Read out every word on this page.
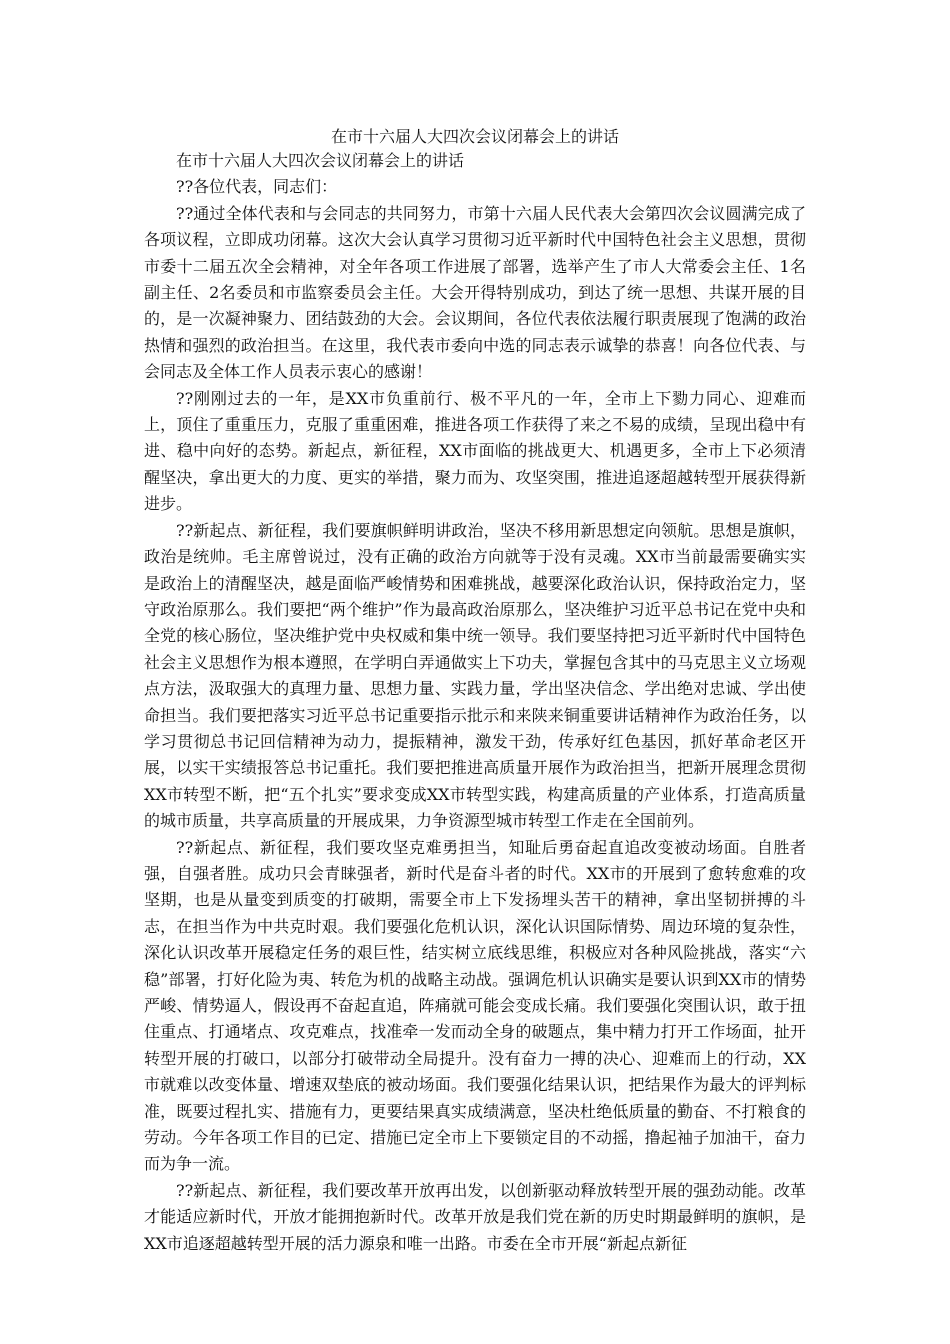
在市十六届人大四次会议闭幕会上的讲话

在市十六届人大四次会议闭幕会上的讲话

??各位代表，同志们：

??通过全体代表和与会同志的共同努力，市第十六届人民代表大会第四次会议圆满完成了各项议程，立即成功闭幕。这次大会认真学习贯彻习近平新时代中国特色社会主义思想，贯彻市委十二届五次全会精神，对全年各项工作进展了部署，选举产生了市人大常委会主任、1名副主任、2名委员和市监察委员会主任。大会开得特别成功，到达了统一思想、共谋开展的目的，是一次凝神聚力、团结鼓劲的大会。会议期间，各位代表依法履行职责展现了饱满的政治热情和强烈的政治担当。在这里，我代表市委向中选的同志表示诚挚的恭喜！向各位代表、与会同志及全体工作人员表示衷心的感谢！

??刚刚过去的一年，是XX市负重前行、极不平凡的一年，全市上下勠力同心、迎难而上，顶住了重重压力，克服了重重困难，推进各项工作获得了来之不易的成绩，呈现出稳中有进、稳中向好的态势。新起点，新征程，XX市面临的挑战更大、机遇更多，全市上下必须清醒坚决，拿出更大的力度、更实的举措，聚力而为、攻坚突围，推进追逐超越转型开展获得新进步。

??新起点、新征程，我们要旗帜鲜明讲政治，坚决不移用新思想定向领航。思想是旗帜，政治是统帅。毛主席曾说过，没有正确的政治方向就等于没有灵魂。XX市当前最需要确实实是政治上的清醒坚决，越是面临严峻情势和困难挑战，越要深化政治认识，保持政治定力，坚守政治原那么。我们要把“两个维护”作为最高政治原那么，坚决维护习近平总书记在党中央和全党的核心肠位，坚决维护党中央权威和集中统一领导。我们要坚持把习近平新时代中国特色社会主义思想作为根本遵照，在学明白弄通做实上下功夫，掌握包含其中的马克思主义立场观点方法，汲取强大的真理力量、思想力量、实践力量，学出坚决信念、学出绝对忠诚、学出使命担当。我们要把落实习近平总书记重要指示批示和来陕来铜重要讲话精神作为政治任务，以学习贯彻总书记回信精神为动力，提振精神，激发干劲，传承好红色基因，抓好革命老区开展，以实干实绩报答总书记重托。我们要把推进高质量开展作为政治担当，把新开展理念贯彻XX市转型不断，把“五个扎实”要求变成XX市转型实践，构建高质量的产业体系，打造高质量的城市质量，共享高质量的开展成果，力争资源型城市转型工作走在全国前列。

??新起点、新征程，我们要攻坚克难勇担当，知耻后勇奋起直追改变被动场面。自胜者强，自强者胜。成功只会青睐强者，新时代是奋斗者的时代。XX市的开展到了愈转愈难的攻坚期，也是从量变到质变的打破期，需要全市上下发扬埋头苦干的精神，拿出坚韧拼搏的斗志，在担当作为中共克时艰。我们要强化危机认识，深化认识国际情势、周边环境的复杂性，深化认识改革开展稳定任务的艰巨性，结实树立底线思维，积极应对各种风险挑战，落实“六稳”部署，打好化险为夷、转危为机的战略主动战。强调危机认识确实是要认识到XX市的情势严峻、情势逼人，假设再不奋起直追，阵痛就可能会变成长痛。我们要强化突围认识，敢于扭住重点、打通堵点、攻克难点，找准牵一发而动全身的破题点，集中精力打开工作场面，扯开转型开展的打破口，以部分打破带动全局提升。没有奋力一搏的决心、迎难而上的行动，XX市就难以改变体量、增速双垫底的被动场面。我们要强化结果认识，把结果作为最大的评判标准，既要过程扎实、措施有力，更要结果真实成绩满意，坚决杜绝低质量的勤奋、不打粮食的劳动。今年各项工作目的已定、措施已定全市上下要锁定目的不动摇，撸起袖子加油干，奋力而为争一流。

??新起点、新征程，我们要改革开放再出发，以创新驱动释放转型开展的强劲动能。改革才能适应新时代，开放才能拥抱新时代。改革开放是我们党在新的历史时期最鲜明的旗帜，是XX市追逐超越转型开展的活力源泉和唯一出路。市委在全市开展“新起点新征
